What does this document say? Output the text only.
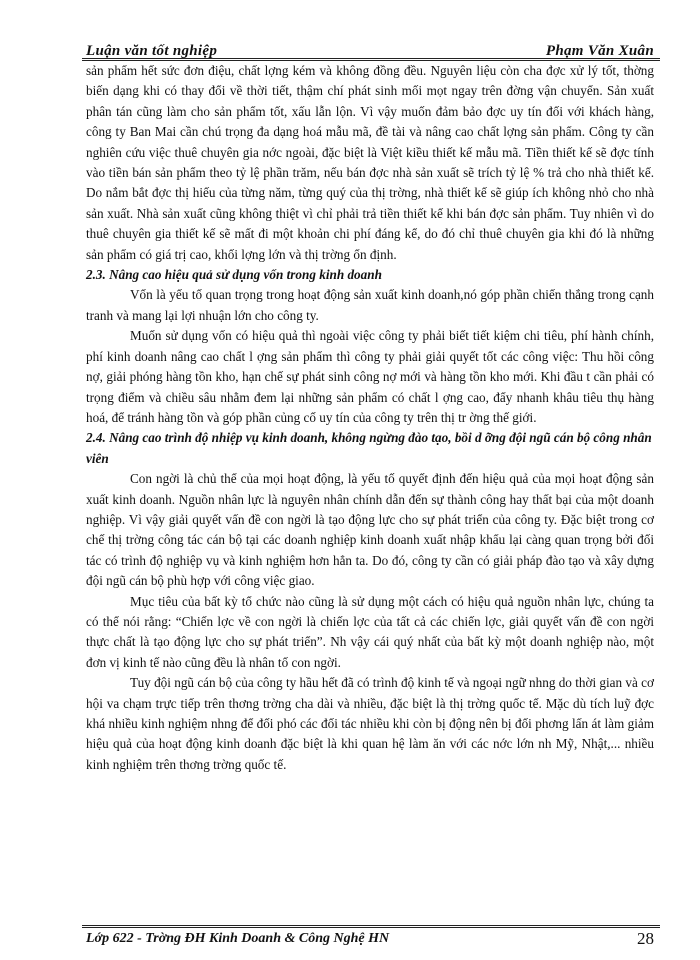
Luận văn tốt nghiệp	Phạm Văn Xuân

sản phẩm hết sức đơn điệu, chất lợng kém và không đồng đều. Nguyên liệu còn cha đợc xử lý tốt, thờng biến dạng khi có thay đổi về thời tiết, thậm chí phát sinh mối mọt ngay trên đờng vận chuyển. Sản xuất phân tán cũng làm cho sản phẩm tốt, xấu lẫn lộn. Vì vậy muốn đảm bảo đợc uy tín đối với khách hàng, công ty Ban Mai cần chú trọng đa dạng hoá mẫu mã, đề tài và nâng cao chất lợng sản phẩm. Công ty cần nghiên cứu việc thuê chuyên gia nớc ngoài, đặc biệt là Việt kiều thiết kế mẫu mã. Tiền thiết kế sẽ đợc tính vào tiền bán sản phẩm theo tỷ lệ phần trăm, nếu bán đợc nhà sản xuất sẽ trích tỷ lệ % trả cho nhà thiết kế. Do nắm bắt đợc thị hiếu của từng năm, từng quý của thị trờng, nhà thiết kế sẽ giúp ích không nhỏ cho nhà sản xuất. Nhà sản xuất cũng không thiệt vì chỉ phải trả tiền thiết kế khi bán đợc sản phẩm. Tuy nhiên vì do thuê chuyên gia thiết kế sẽ mất đi một khoản chi phí đáng kể, do đó chỉ thuê chuyên gia khi đó là những sản phẩm có giá trị cao, khối lợng lớn và thị trờng ổn định.

2.3. Nâng cao hiệu quả sử dụng vốn trong kinh doanh

Vốn là yếu tố quan trọng trong hoạt động sản xuất kinh doanh,nó góp phần chiến thắng trong cạnh tranh và mang lại lợi nhuận lớn cho công ty.

Muốn sử dụng vốn có hiệu quả thì ngoài việc công ty phải biết tiết kiệm chi tiêu, phí hành chính, phí kinh doanh nâng cao chất l ợng sản phẩm thì công ty phải giải quyết tốt các công việc: Thu hồi công nợ, giải phóng hàng tồn kho, hạn chế sự phát sinh công nợ mới và hàng tồn kho mới. Khi đầu t cần phải có trọng điểm và chiều sâu nhằm đem lại những sản phẩm có chất l ợng cao, đẩy nhanh khâu tiêu thụ hàng hoá, để tránh hàng tồn và góp phần củng cố uy tín của công ty trên thị tr ờng thế giới.

2.4. Nâng cao trình độ nhiệp vụ kinh doanh, không ngừng đào tạo, bồi d ỡng đội ngũ cán bộ công nhân viên

Con ngời là chủ thể của mọi hoạt động, là yếu tố quyết định đến hiệu quả của mọi hoạt động sản xuất kinh doanh. Nguồn nhân lực là nguyên nhân chính dẫn đến sự thành công hay thất bại của một doanh nghiệp. Vì vậy giải quyết vấn đề con ngời là tạo động lực cho sự phát triển của công ty. Đặc biệt trong cơ chế thị trờng công tác cán bộ tại các doanh nghiệp kinh doanh xuất nhập khẩu lại càng quan trọng bởi đối tác có trình độ nghiệp vụ và kinh nghiệm hơn hẳn ta. Do đó, công ty cần có giải pháp đào tạo và xây dựng đội ngũ cán bộ phù hợp với công việc giao.

Mục tiêu của bất kỳ tổ chức nào cũng là sử dụng một cách có hiệu quả nguồn nhân lực, chúng ta có thể nói rằng: “Chiến lợc về con ngời là chiến lợc của tất cả các chiến lợc, giải quyết vấn đề con ngời thực chất là tạo động lực cho sự phát triển”. Nh vậy cái quý nhất của bất kỳ một doanh nghiệp nào, một đơn vị kinh tế nào cũng đều là nhân tố con ngời.

Tuy đội ngũ cán bộ của công ty hầu hết đã có trình độ kinh tế và ngoại ngữ nhng do thời gian và cơ hội va chạm trực tiếp trên thơng trờng cha dài và nhiều, đặc biệt là thị trờng quốc tế. Mặc dù tích luỹ đợc khá nhiều kinh nghiệm nhng để đối phó các đối tác nhiều khi còn bị động nên bị đối phơng lấn át làm giảm hiệu quả của hoạt động kinh doanh đặc biệt là khi quan hệ làm ăn với các nớc lớn nh Mỹ, Nhật,... nhiều kinh nghiệm trên thơng trờng quốc tế.

Lớp 622 - Trờng ĐH Kinh Doanh & Công Nghệ HN	28
